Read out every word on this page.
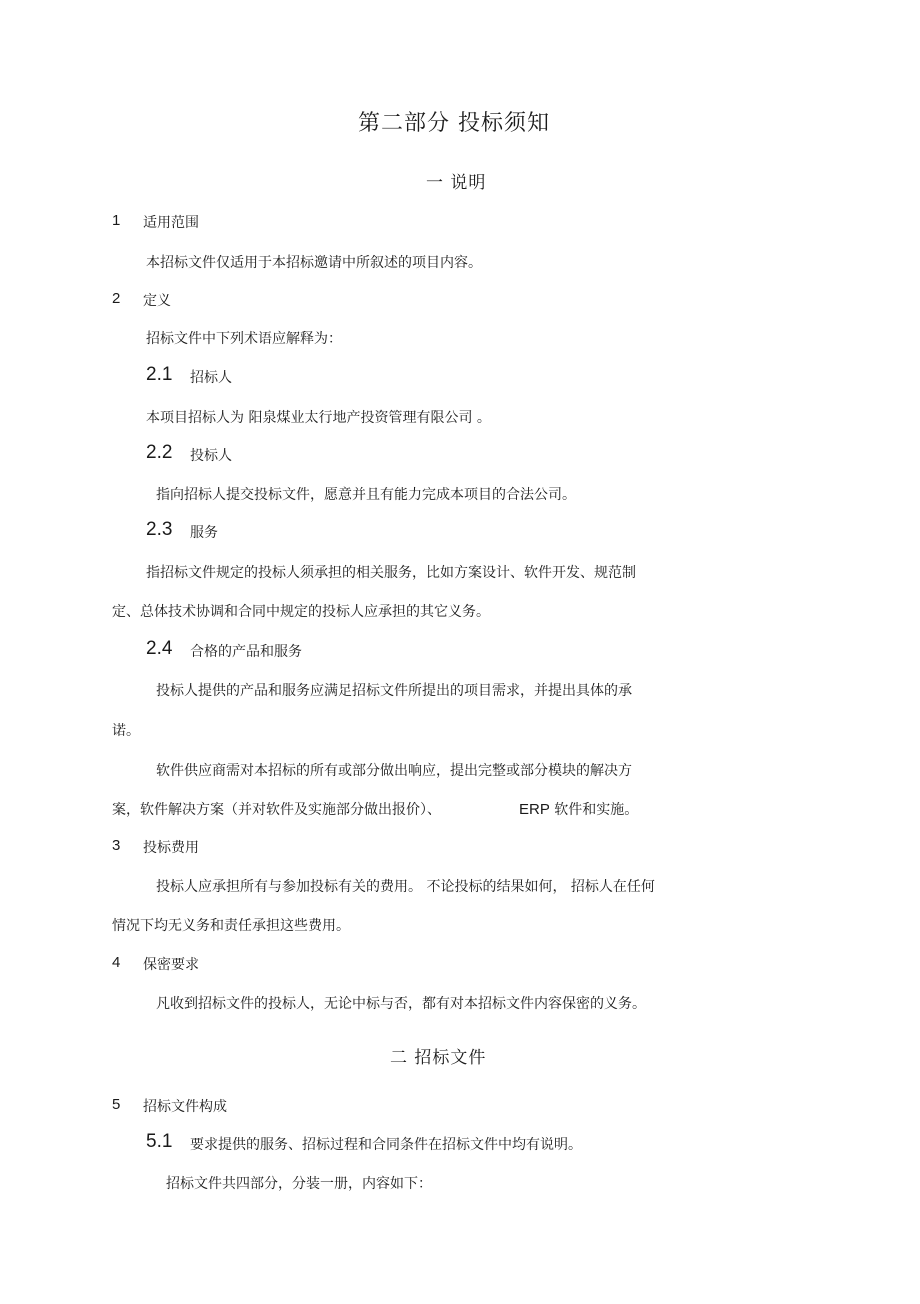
第二部分 投标须知
一 说明
1 适用范围

本招标文件仅适用于本招标邀请中所叙述的项目内容。

2 定义

招标文件中下列术语应解释为：

2.1 招标人

本项目招标人为 阳泉煤业太行地产投资管理有限公司 。

2.2 投标人

指向招标人提交投标文件，愿意并且有能力完成本项目的合法公司。

2.3 服务

指招标文件规定的投标人须承担的相关服务，比如方案设计、软件开发、规范制

定、总体技术协调和合同中规定的投标人应承担的其它义务。

2.4 合格的产品和服务

投标人提供的产品和服务应满足招标文件所提出的项目需求，并提出具体的承

诺。

软件供应商需对本招标的所有或部分做出响应，提出完整或部分模块的解决方

案，软件解决方案（并对软件及实施部分做出报价）、	ERP 软件和实施。

3 投标费用

投标人应承担所有与参加投标有关的费用。 不论投标的结果如何， 招标人在任何

情况下均无义务和责任承担这些费用。

4 保密要求

凡收到招标文件的投标人，无论中标与否，都有对本招标文件内容保密的义务。

二 招标文件
5 招标文件构成
5.1 要求提供的服务、招标过程和合同条件在招标文件中均有说明。

招标文件共四部分，分装一册，内容如下：
